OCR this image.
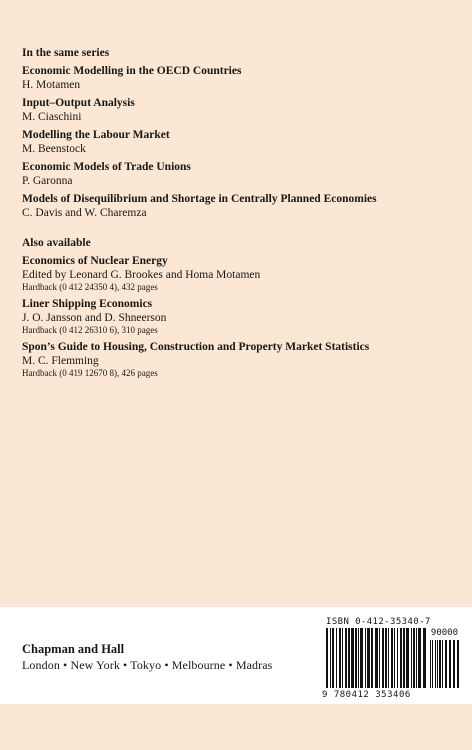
In the same series
Economic Modelling in the OECD Countries
H. Motamen
Input–Output Analysis
M. Ciaschini
Modelling the Labour Market
M. Beenstock
Economic Models of Trade Unions
P. Garonna
Models of Disequilibrium and Shortage in Centrally Planned Economies
C. Davis and W. Charemza
Also available
Economics of Nuclear Energy
Edited by Leonard G. Brookes and Homa Motamen
Hardback (0 412 24350 4), 432 pages
Liner Shipping Economics
J. O. Jansson and D. Shneerson
Hardback (0 412 26310 6), 310 pages
Spon’s Guide to Housing, Construction and Property Market Statistics
M. C. Flemming
Hardback (0 419 12670 8), 426 pages
Chapman and Hall
London • New York • Tokyo • Melbourne • Madras
ISBN 0-412-35340-7
90000
9 780412 353406
